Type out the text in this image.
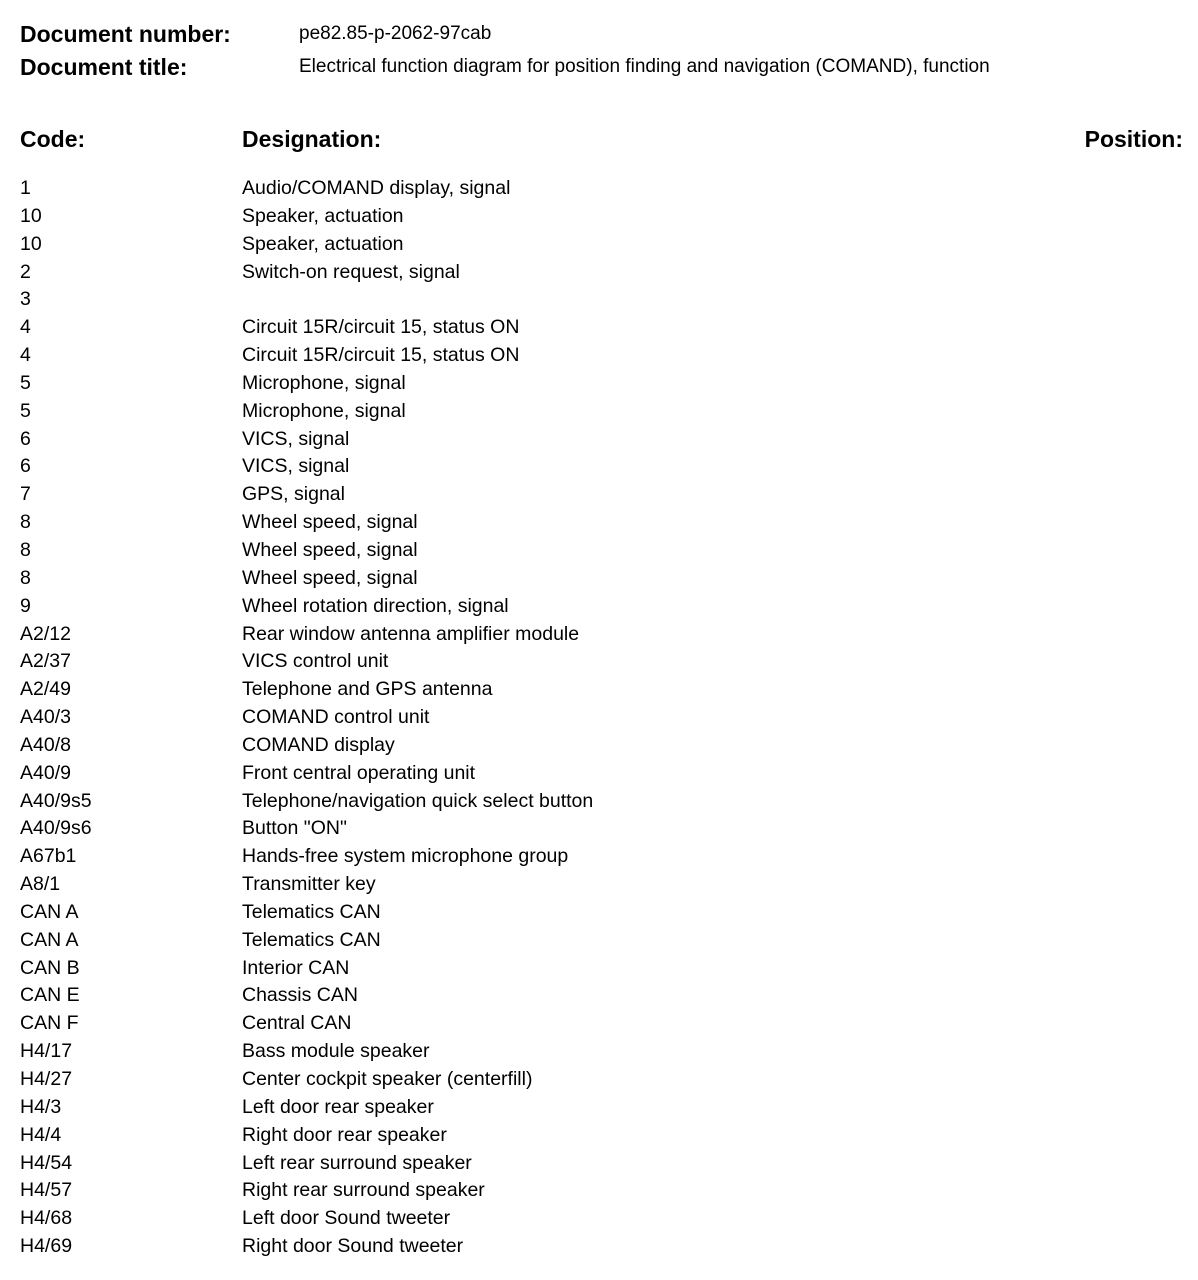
Document number:	pe82.85-p-2062-97cab
Document title:	Electrical function diagram for position finding and navigation (COMAND), function
Code:	Designation:	Position:
1	Audio/COMAND display, signal
10	Speaker, actuation
10	Speaker, actuation
2	Switch-on request, signal
3
4	Circuit 15R/circuit 15, status ON
4	Circuit 15R/circuit 15, status ON
5	Microphone, signal
5	Microphone, signal
6	VICS, signal
6	VICS, signal
7	GPS, signal
8	Wheel speed, signal
8	Wheel speed, signal
8	Wheel speed, signal
9	Wheel rotation direction, signal
A2/12	Rear window antenna amplifier module
A2/37	VICS control unit
A2/49	Telephone and GPS antenna
A40/3	COMAND control unit
A40/8	COMAND display
A40/9	Front central operating unit
A40/9s5	Telephone/navigation quick select button
A40/9s6	Button "ON"
A67b1	Hands-free system microphone group
A8/1	Transmitter key
CAN A	Telematics CAN
CAN A	Telematics CAN
CAN B	Interior CAN
CAN E	Chassis CAN
CAN F	Central CAN
H4/17	Bass module speaker
H4/27	Center cockpit speaker (centerfill)
H4/3	Left door rear speaker
H4/4	Right door rear speaker
H4/54	Left rear surround speaker
H4/57	Right rear surround speaker
H4/68	Left door Sound tweeter
H4/69	Right door Sound tweeter
